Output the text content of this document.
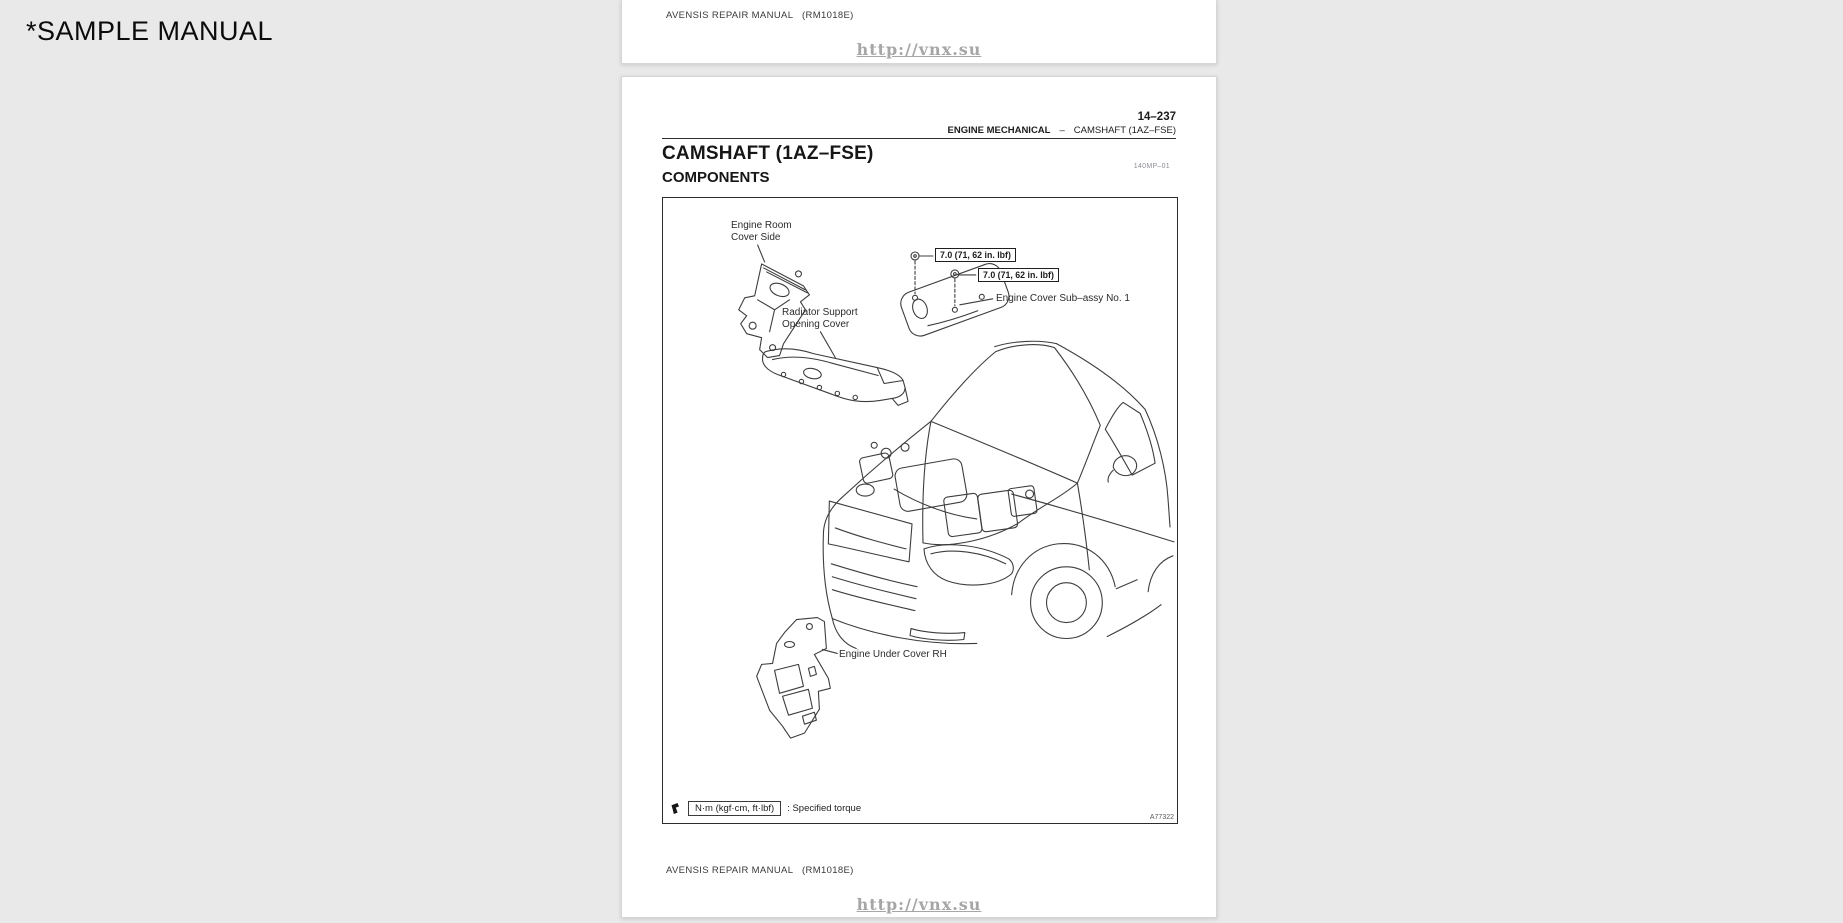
*SAMPLE MANUAL
AVENSIS REPAIR MANUAL   (RM1018E)
http://vnx.su
14–237
ENGINE MECHANICAL – CAMSHAFT (1AZ–FSE)
CAMSHAFT (1AZ–FSE)
COMPONENTS
140MP–01
Engine Room
Cover Side
7.0 (71, 62 in. lbf)
7.0 (71, 62 in. lbf)
Engine Cover Sub–assy No. 1
Radiator Support
Opening Cover
Engine Under Cover RH
N·m (kgf·cm, ft·lbf)	: Specified torque
A77322
AVENSIS REPAIR MANUAL   (RM1018E)
http://vnx.su
